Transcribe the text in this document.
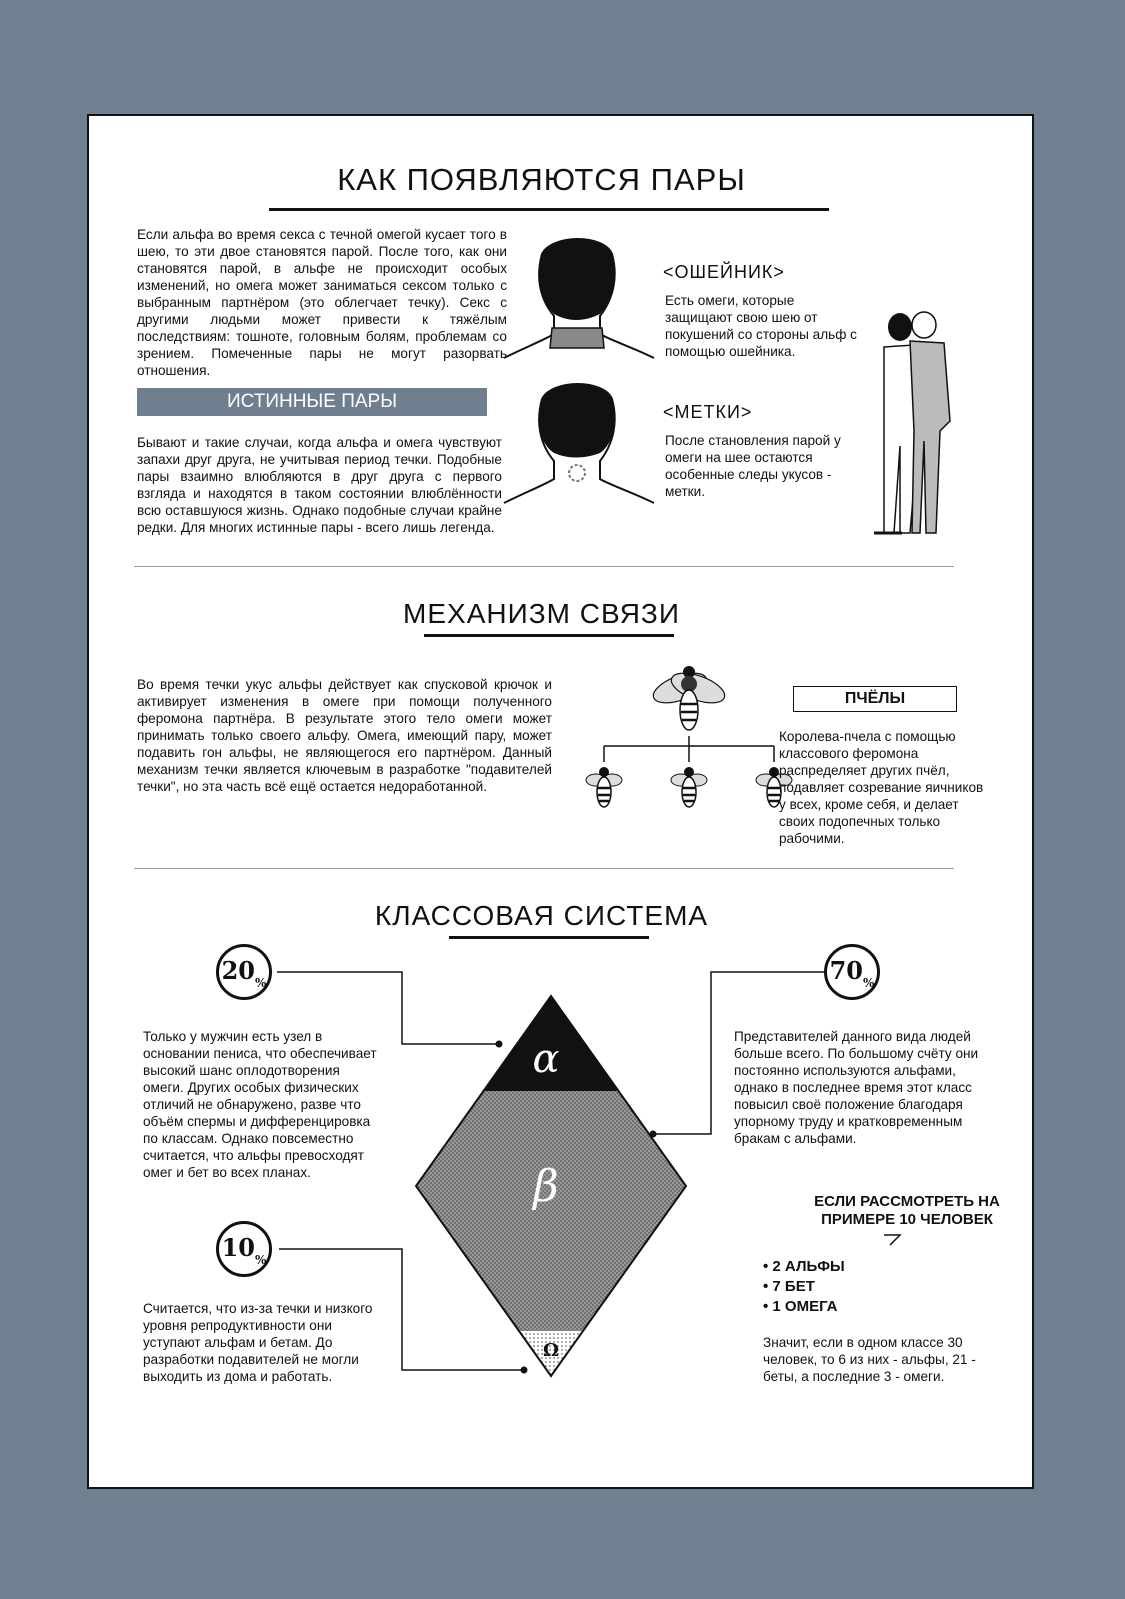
КАК ПОЯВЛЯЮТСЯ ПАРЫ
Если альфа во время секса с течной омегой кусает того в шею, то эти двое становятся парой. После того, как они становятся парой, в альфе не происходит особых изменений, но омега может заниматься сексом только с выбранным партнёром (это облегчает течку). Секс с другими людьми может привести к тяжёлым последствиям: тошноте, головным болям, проблемам со зрением. Помеченные пары не могут разорвать отношения.
<ОШЕЙНИК>
Есть омеги, которые защищают свою шею от покушений со стороны альф с помощью ошейника.
ИСТИННЫЕ ПАРЫ	<МЕТКИ>
После становления парой у омеги на шее остаются особенные следы укусов - метки.
Бывают и такие случаи, когда альфа и омега чувствуют запахи друг друга, не учитывая период течки. Подобные пары взаимно влюбляются в друг друга с первого взгляда и находятся в таком состоянии влюблённости всю оставшуюся жизнь. Однако подобные случаи крайне редки. Для многих истинные пары - всего лишь легенда.
МЕХАНИЗМ СВЯЗИ
Во время течки укус альфы действует как спусковой крючок и активирует изменения в омеге при помощи полученного феромона партнёра. В результате этого тело омеги может принимать только своего альфу. Омега, имеющий пару, может подавить гон альфы, не являющегося его партнёром. Данный механизм течки является ключевым в разработке "подавителей течки", но эта часть всё ещё остается недоработанной.
ПЧЁЛЫ
Королева-пчела с помощью классового феромона распределяет других пчёл, подавляет созревание яичников у всех, кроме себя, и делает своих подопечных только рабочими.
КЛАССОВАЯ СИСТЕМА
α
β
Ω
$20_{\%}$
Только у мужчин есть узел в основании пениса, что обеспечивает высокий шанс оплодотворения омеги. Других особых физических отличий не обнаружено, разве что объём спермы и дифференцировка по классам. Однако повсеместно считается, что альфы превосходят омег и бет во всех планах.
$70_{\%}$
Представителей данного вида людей больше всего. По большому счёту они постоянно используются альфами, однако в последнее время этот класс повысил своё положение благодаря упорному труду и кратковременным бракам с альфами.
$10_{\%}$
Считается, что из-за течки и низкого уровня репродуктивности они уступают альфам и бетам. До разработки подавителей не могли выходить из дома и работать.
ЕСЛИ РАССМОТРЕТЬ НА
ПРИМЕРЕ 10 ЧЕЛОВЕК
• 2 АЛЬФЫ
• 7 БЕТ
• 1 ОМЕГА
Значит, если в одном классе 30 человек, то 6 из них - альфы, 21 - беты, а последние 3 - омеги.
